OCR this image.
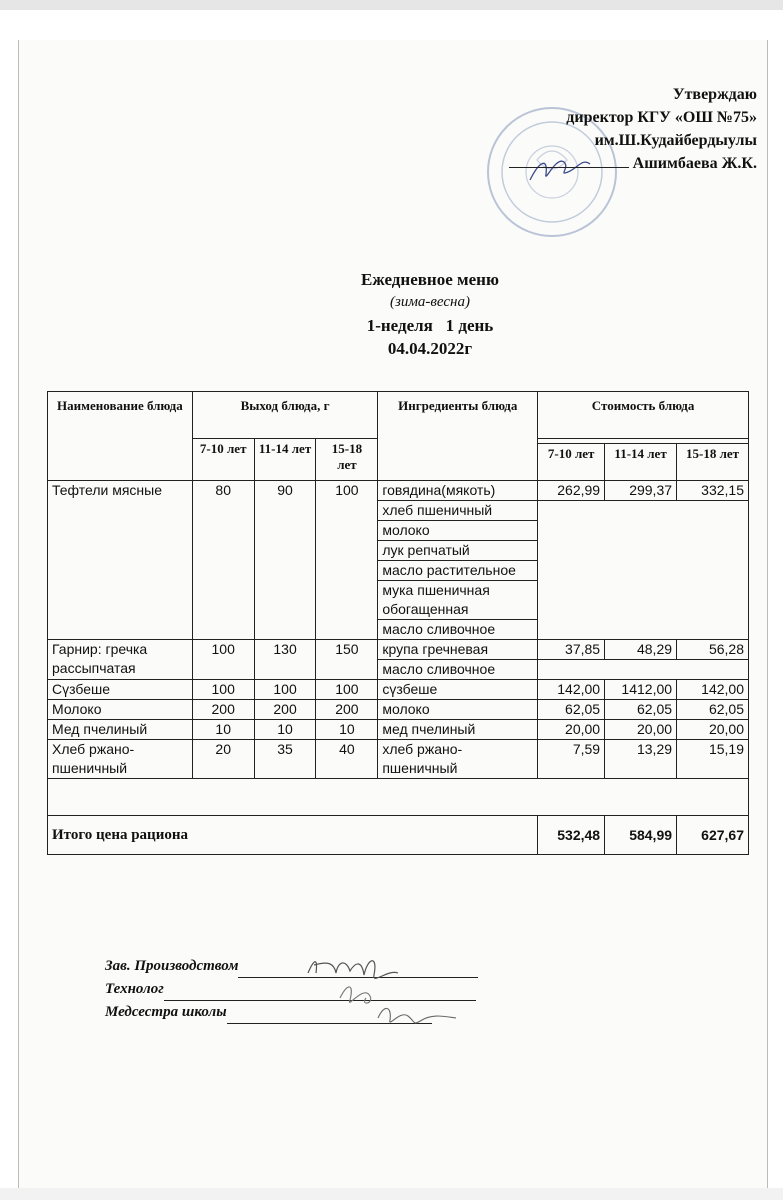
Утверждаю
директор КГУ «ОШ №75»
им.Ш.Кудайбердыулы
Ашимбаева Ж.К.
Ежедневное меню
(зима-весна)
1-неделя   1 день
04.04.2022г
Наименование блюда	Выход блюда, г			Ингредиенты блюда	Стоимость блюда		
	7-10 лет	11-14 лет	15-18 лет				
					7-10 лет	11-14 лет	15-18 лет
Тефтели мясные	80	90	100	говядина(мякоть)	262,99	299,37	332,15
				хлеб пшеничный			
				молоко			
				лук репчатый			
				масло растительное			
				мука пшеничная обогащенная			
				масло сливочное			
Гарнир: гречка рассыпчатая	100	130	150	крупа гречневая	37,85	48,29	56,28
				масло сливочное			
Сүзбеше	100	100	100	сүзбеше	142,00	1412,00	142,00
Молоко	200	200	200	молоко	62,05	62,05	62,05
Мед пчелиный	10	10	10	мед пчелиный	20,00	20,00	20,00
Хлеб ржано-пшеничный	20	35	40	хлеб ржано-пшеничный	7,59	13,29	15,19

Итого цена рациона					532,48	584,99	627,67
Зав. Производством
Технолог
Медсестра школы
